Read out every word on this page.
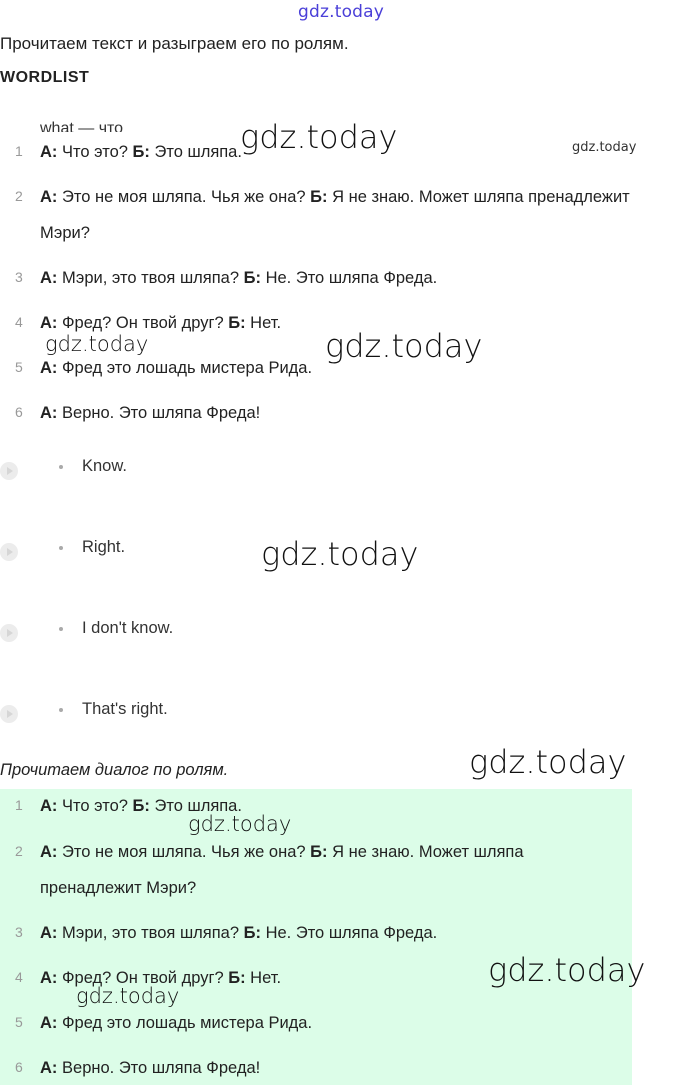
gdz.today
Прочитаем текст и разыграем его по ролям.
WORDLIST
what — что
1 А: Что это? Б: Это шляпа.
2 А: Это не моя шляпа. Чья же она? Б: Я не знаю. Может шляпа пренадлежит
Мэри?
3 А: Мэри, это твоя шляпа? Б: Не. Это шляпа Фреда.
4 А: Фред? Он твой друг? Б: Нет.
5 А: Фред это лошадь мистера Рида.
6 А: Верно. Это шляпа Фреда!
Know.
Right.
I don't know.
That's right.
Прочитаем диалог по ролям.
1 А: Что это? Б: Это шляпа.
2 А: Это не моя шляпа. Чья же она? Б: Я не знаю. Может шляпа
пренадлежит Мэри?
3 А: Мэри, это твоя шляпа? Б: Не. Это шляпа Фреда.
4 А: Фред? Он твой друг? Б: Нет.
5 А: Фред это лошадь мистера Рида.
6 А: Верно. Это шляпа Фреда!
gdz.today	gdz.today
gdz.today	gdz.today
gdz.today
gdz.today
gdz.today
gdz.today
gdz.today
